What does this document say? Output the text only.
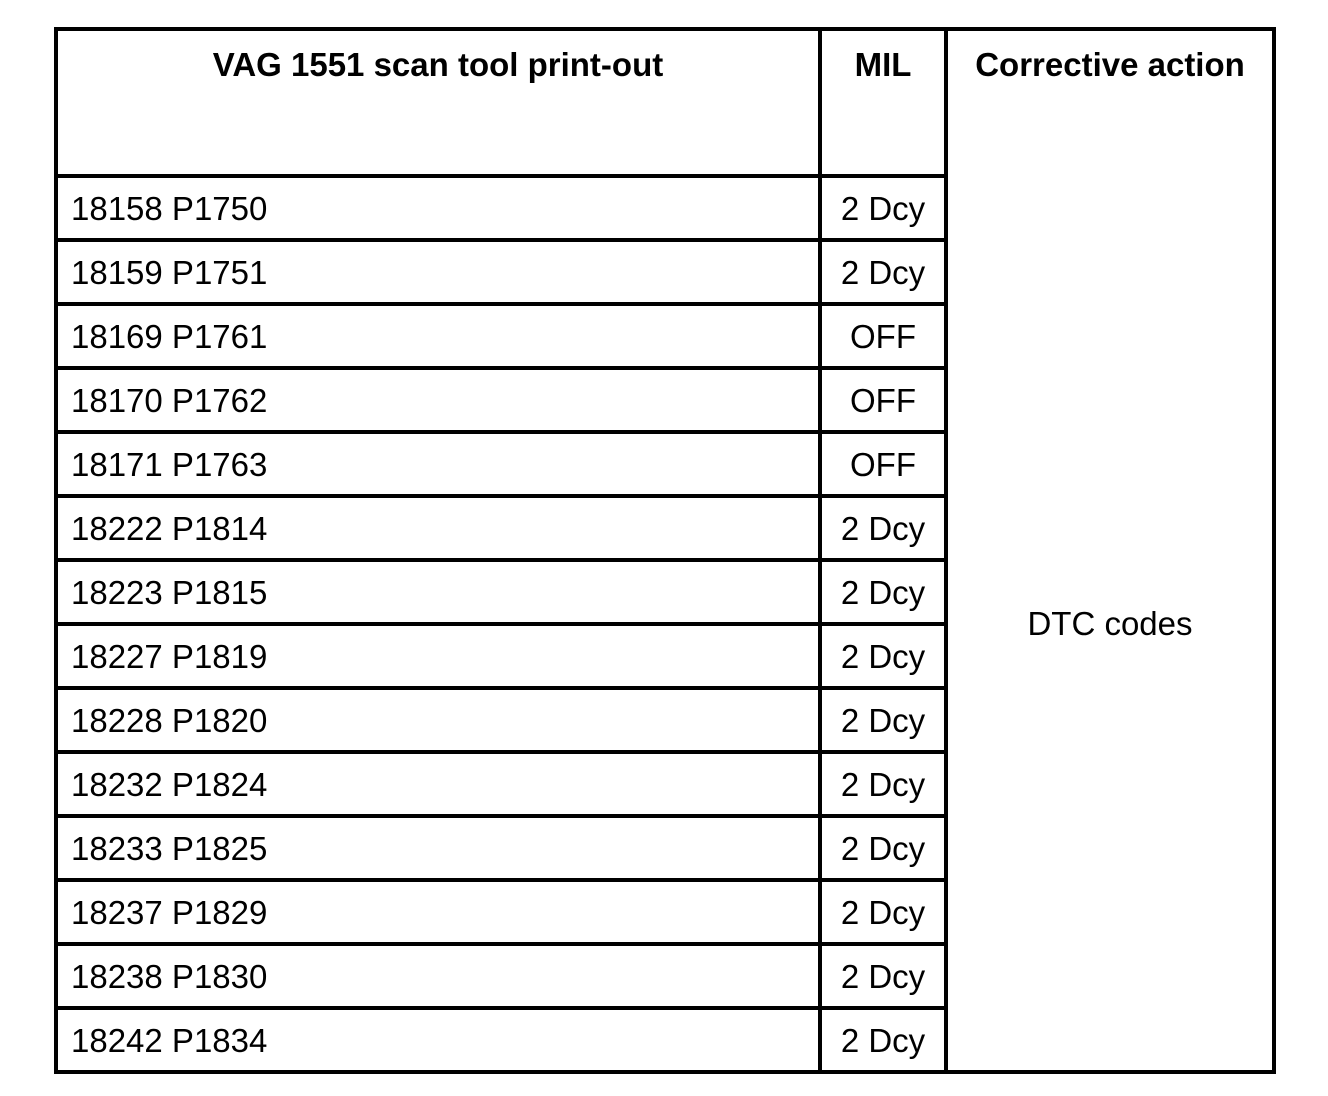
VAG 1551 scan tool print-out	MIL	Corrective action
18158 P1750	2 Dcy	DTC codes
18159 P1751	2 Dcy	
18169 P1761	OFF	
18170 P1762	OFF	
18171 P1763	OFF	
18222 P1814	2 Dcy	
18223 P1815	2 Dcy	
18227 P1819	2 Dcy	
18228 P1820	2 Dcy	
18232 P1824	2 Dcy	
18233 P1825	2 Dcy	
18237 P1829	2 Dcy	
18238 P1830	2 Dcy	
18242 P1834	2 Dcy	
